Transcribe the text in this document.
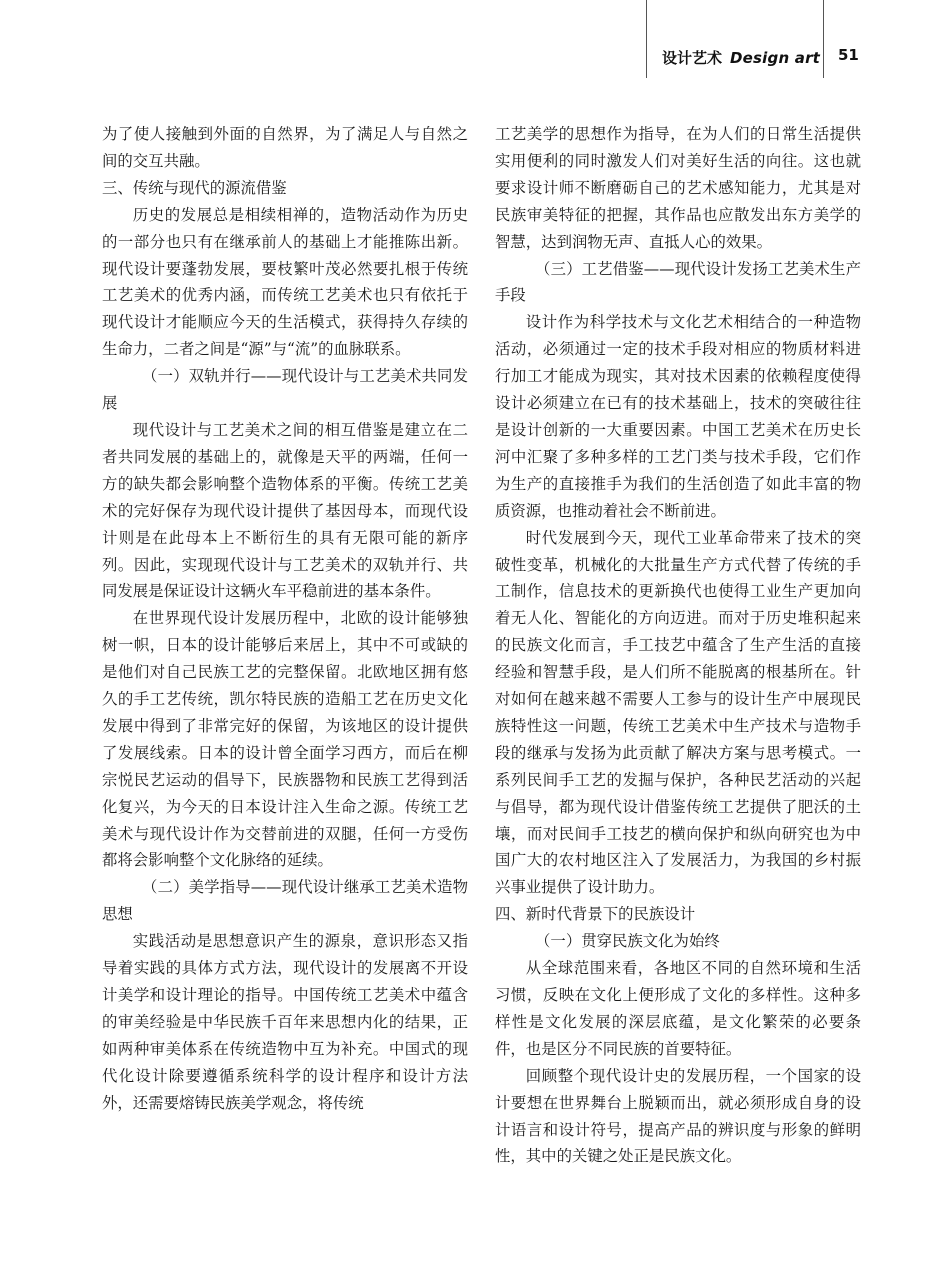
设计艺术 Design art 51

为了使人接触到外面的自然界，为了满足人与自然之间的交互共融。

三、传统与现代的源流借鉴

历史的发展总是相续相禅的，造物活动作为历史的一部分也只有在继承前人的基础上才能推陈出新。现代设计要蓬勃发展，要枝繁叶茂必然要扎根于传统工艺美术的优秀内涵，而传统工艺美术也只有依托于现代设计才能顺应今天的生活模式，获得持久存续的生命力，二者之间是“源”与“流”的血脉联系。

（一）双轨并行——现代设计与工艺美术共同发展

现代设计与工艺美术之间的相互借鉴是建立在二者共同发展的基础上的，就像是天平的两端，任何一方的缺失都会影响整个造物体系的平衡。传统工艺美术的完好保存为现代设计提供了基因母本，而现代设计则是在此母本上不断衍生的具有无限可能的新序列。因此，实现现代设计与工艺美术的双轨并行、共同发展是保证设计这辆火车平稳前进的基本条件。

在世界现代设计发展历程中，北欧的设计能够独树一帜，日本的设计能够后来居上，其中不可或缺的是他们对自己民族工艺的完整保留。北欧地区拥有悠久的手工艺传统，凯尔特民族的造船工艺在历史文化发展中得到了非常完好的保留，为该地区的设计提供了发展线索。日本的设计曾全面学习西方，而后在柳宗悦民艺运动的倡导下，民族器物和民族工艺得到活化复兴，为今天的日本设计注入生命之源。传统工艺美术与现代设计作为交替前进的双腿，任何一方受伤都将会影响整个文化脉络的延续。

（二）美学指导——现代设计继承工艺美术造物思想

实践活动是思想意识产生的源泉，意识形态又指导着实践的具体方式方法，现代设计的发展离不开设计美学和设计理论的指导。中国传统工艺美术中蕴含的审美经验是中华民族千百年来思想内化的结果，正如两种审美体系在传统造物中互为补充。中国式的现代化设计除要遵循系统科学的设计程序和设计方法外，还需要熔铸民族美学观念，将传统

工艺美学的思想作为指导，在为人们的日常生活提供实用便利的同时激发人们对美好生活的向往。这也就要求设计师不断磨砺自己的艺术感知能力，尤其是对民族审美特征的把握，其作品也应散发出东方美学的智慧，达到润物无声、直抵人心的效果。

（三）工艺借鉴——现代设计发扬工艺美术生产手段

设计作为科学技术与文化艺术相结合的一种造物活动，必须通过一定的技术手段对相应的物质材料进行加工才能成为现实，其对技术因素的依赖程度使得设计必须建立在已有的技术基础上，技术的突破往往是设计创新的一大重要因素。中国工艺美术在历史长河中汇聚了多种多样的工艺门类与技术手段，它们作为生产的直接推手为我们的生活创造了如此丰富的物质资源，也推动着社会不断前进。

时代发展到今天，现代工业革命带来了技术的突破性变革，机械化的大批量生产方式代替了传统的手工制作，信息技术的更新换代也使得工业生产更加向着无人化、智能化的方向迈进。而对于历史堆积起来的民族文化而言，手工技艺中蕴含了生产生活的直接经验和智慧手段，是人们所不能脱离的根基所在。针对如何在越来越不需要人工参与的设计生产中展现民族特性这一问题，传统工艺美术中生产技术与造物手段的继承与发扬为此贡献了解决方案与思考模式。一系列民间手工艺的发掘与保护，各种民艺活动的兴起与倡导，都为现代设计借鉴传统工艺提供了肥沃的土壤，而对民间手工技艺的横向保护和纵向研究也为中国广大的农村地区注入了发展活力，为我国的乡村振兴事业提供了设计助力。

四、新时代背景下的民族设计

（一）贯穿民族文化为始终

从全球范围来看，各地区不同的自然环境和生活习惯，反映在文化上便形成了文化的多样性。这种多样性是文化发展的深层底蕴，是文化繁荣的必要条件，也是区分不同民族的首要特征。

回顾整个现代设计史的发展历程，一个国家的设计要想在世界舞台上脱颖而出，就必须形成自身的设计语言和设计符号，提高产品的辨识度与形象的鲜明性，其中的关键之处正是民族文化。
